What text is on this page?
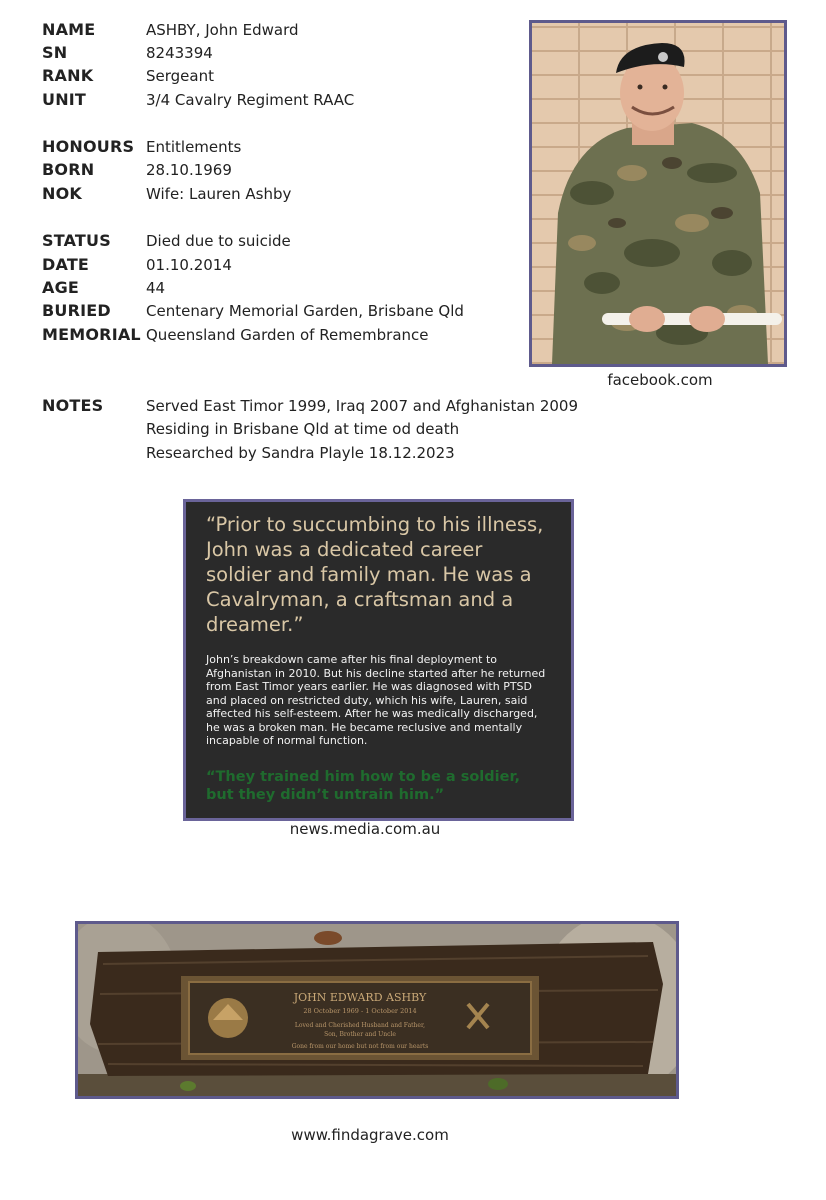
NAME	ASHBY, John Edward
SN	8243394
RANK	Sergeant
UNIT	3/4 Cavalry Regiment RAAC
HONOURS Entitlements
BORN	28.10.1969
NOK	Wife: Lauren Ashby
STATUS Died due to suicide
DATE	01.10.2014
AGE	44
BURIED Centenary Memorial Garden, Brisbane Qld
MEMORIAL Queensland Garden of Remembrance
NOTES	Served East Timor 1999, Iraq 2007 and Afghanistan 2009
Residing in Brisbane Qld at time od death
Researched by Sandra Playle 18.12.2023
facebook.com

“Prior to succumbing to his illness, John was a dedicated career soldier and family man. He was a Cavalryman, a craftsman and a dreamer.”

John’s breakdown came after his final deployment to Afghanistan in 2010. But his decline started after he returned from East Timor years earlier. He was diagnosed with PTSD and placed on restricted duty, which his wife, Lauren, said affected his self-esteem. After he was medically discharged, he was a broken man. He became reclusive and mentally incapable of normal function.

“They trained him how to be a soldier, but they didn’t untrain him.”

news.media.com.au
JOHN EDWARD ASHBY
28 October 1969 - 1 October 2014
Loved and Cherished Husband and Father,
Son, Brother and Uncle
Gone from our home but not from our hearts
www.findagrave.com
